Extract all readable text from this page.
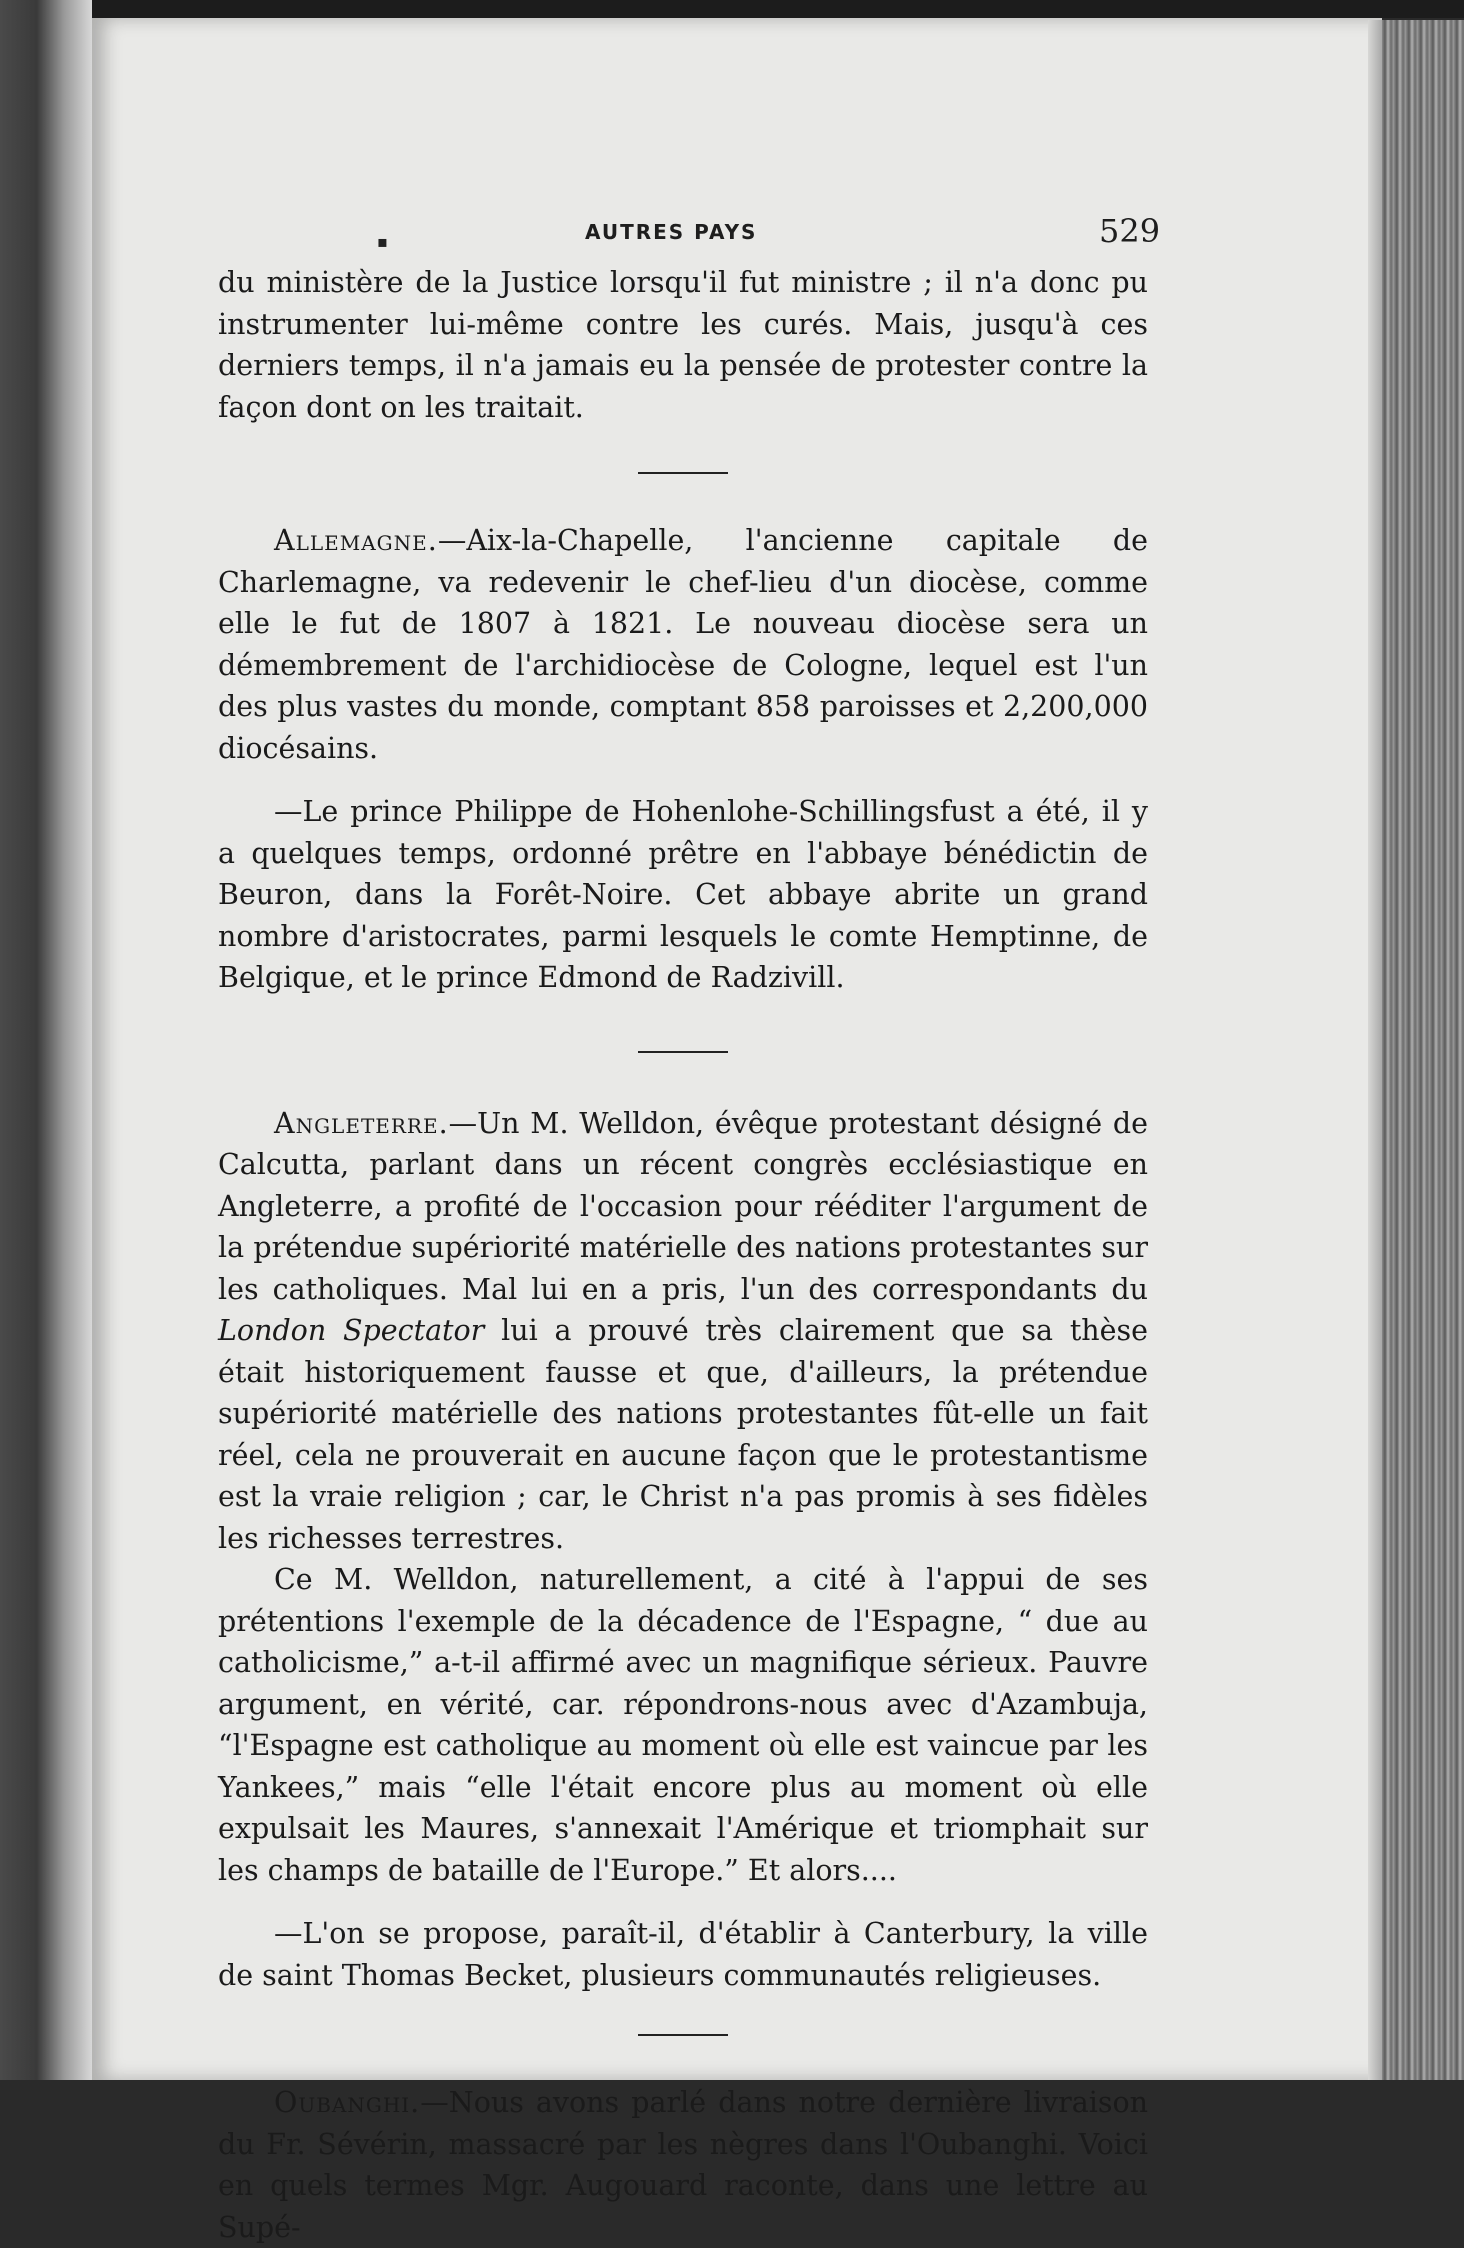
▪	AUTRES PAYS	529

du ministère de la Justice lorsqu'il fut ministre ; il n'a donc pu instrumenter lui-même contre les curés. Mais, jusqu'à ces derniers temps, il n'a jamais eu la pensée de protester contre la façon dont on les traitait.

Allemagne.—Aix-la-Chapelle, l'ancienne capitale de Charlemagne, va redevenir le chef-lieu d'un diocèse, comme elle le fut de 1807 à 1821. Le nouveau diocèse sera un démembrement de l'archidiocèse de Cologne, lequel est l'un des plus vastes du monde, comptant 858 paroisses et 2,200,000 diocésains.

—Le prince Philippe de Hohenlohe-Schillingsfust a été, il y a quelques temps, ordonné prêtre en l'abbaye bénédictin de Beuron, dans la Forêt-Noire. Cet abbaye abrite un grand nombre d'aristocrates, parmi lesquels le comte Hemptinne, de Belgique, et le prince Edmond de Radzivill.

Angleterre.—Un M. Welldon, évêque protestant désigné de Calcutta, parlant dans un récent congrès ecclésiastique en Angleterre, a profité de l'occasion pour rééditer l'argument de la prétendue supériorité matérielle des nations protestantes sur les catholiques. Mal lui en a pris, l'un des correspondants du London Spectator lui a prouvé très clairement que sa thèse était historiquement fausse et que, d'ailleurs, la prétendue supériorité matérielle des nations protestantes fût-elle un fait réel, cela ne prouverait en aucune façon que le protestantisme est la vraie religion ; car, le Christ n'a pas promis à ses fidèles les richesses terrestres.

Ce M. Welldon, naturellement, a cité à l'appui de ses prétentions l'exemple de la décadence de l'Espagne, “ due au catholicisme,” a-t-il affirmé avec un magnifique sérieux. Pauvre argument, en vérité, car. répondrons-nous avec d'Azambuja, “l'Espagne est catholique au moment où elle est vaincue par les Yankees,” mais “elle l'était encore plus au moment où elle expulsait les Maures, s'annexait l'Amérique et triomphait sur les champs de bataille de l'Europe.” Et alors....

—L'on se propose, paraît-il, d'établir à Canterbury, la ville de saint Thomas Becket, plusieurs communautés religieuses.

Oubanghi.—Nous avons parlé dans notre dernière livraison du Fr. Sévérin, massacré par les nègres dans l'Oubanghi. Voici en quels termes Mgr. Augouard raconte, dans une lettre au Supé-
